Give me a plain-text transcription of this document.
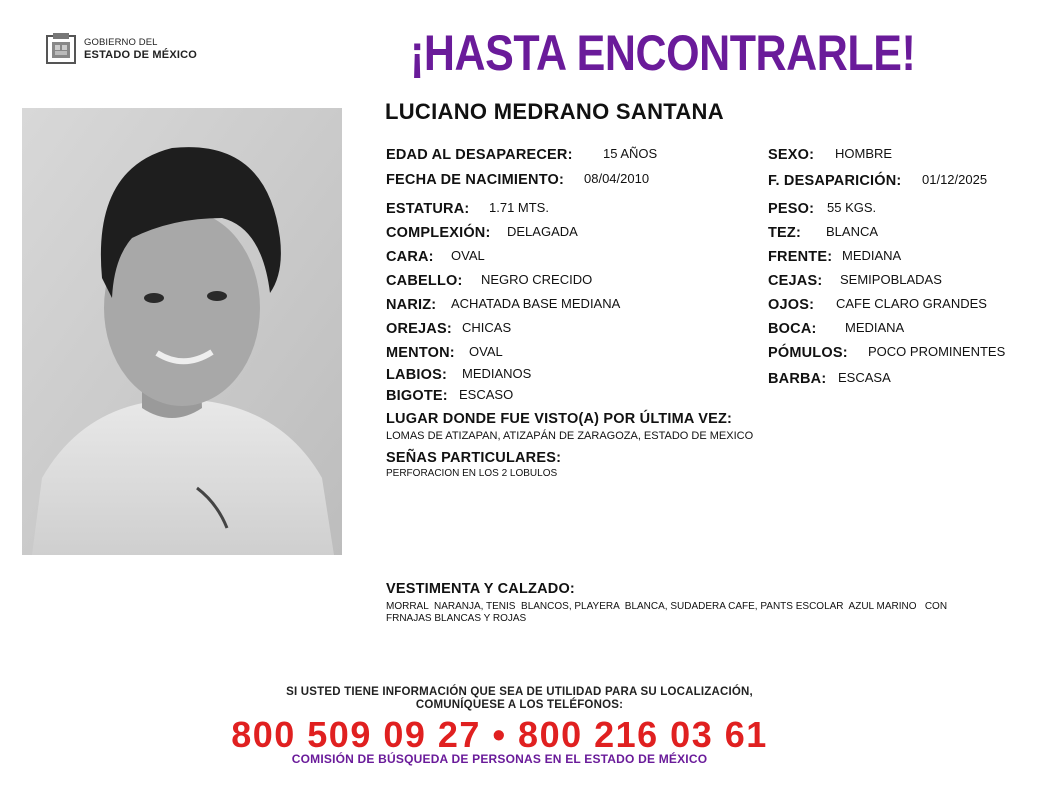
GOBIERNO DEL
ESTADO DE MÉXICO	¡HASTA ENCONTRARLE!
LUCIANO MEDRANO SANTANA
EDAD AL DESAPARECER: 15 AÑOS
FECHA DE NACIMIENTO: 08/04/2010
ESTATURA: 1.71 MTS.
COMPLEXIÓN: DELAGADA
CARA: OVAL
CABELLO: NEGRO CRECIDO
NARIZ: ACHATADA BASE MEDIANA
OREJAS: CHICAS
MENTON: OVAL
LABIOS: MEDIANOS
BIGOTE: ESCASO
SEXO: HOMBRE
F. DESAPARICIÓN: 01/12/2025
PESO: 55 KGS.
TEZ: BLANCA
FRENTE: MEDIANA
CEJAS: SEMIPOBLADAS
OJOS: CAFE CLARO GRANDES
BOCA: MEDIANA
PÓMULOS: POCO PROMINENTES
BARBA: ESCASA
LUGAR DONDE FUE VISTO(A) POR ÚLTIMA VEZ:
LOMAS DE ATIZAPAN, ATIZAPÁN DE ZARAGOZA, ESTADO DE MEXICO
SEÑAS PARTICULARES:
PERFORACION EN LOS 2 LOBULOS
VESTIMENTA Y CALZADO:
MORRAL  NARANJA, TENIS  BLANCOS, PLAYERA  BLANCA, SUDADERA CAFE, PANTS ESCOLAR  AZUL MARINO   CON
FRNAJAS BLANCAS Y ROJAS
SI USTED TIENE INFORMACIÓN QUE SEA DE UTILIDAD PARA SU LOCALIZACIÓN,
COMUNÍQUESE A LOS TELÉFONOS:
800 509 09 27 • 800 216 03 61
COMISIÓN DE BÚSQUEDA DE PERSONAS EN EL ESTADO DE MÉXICO
